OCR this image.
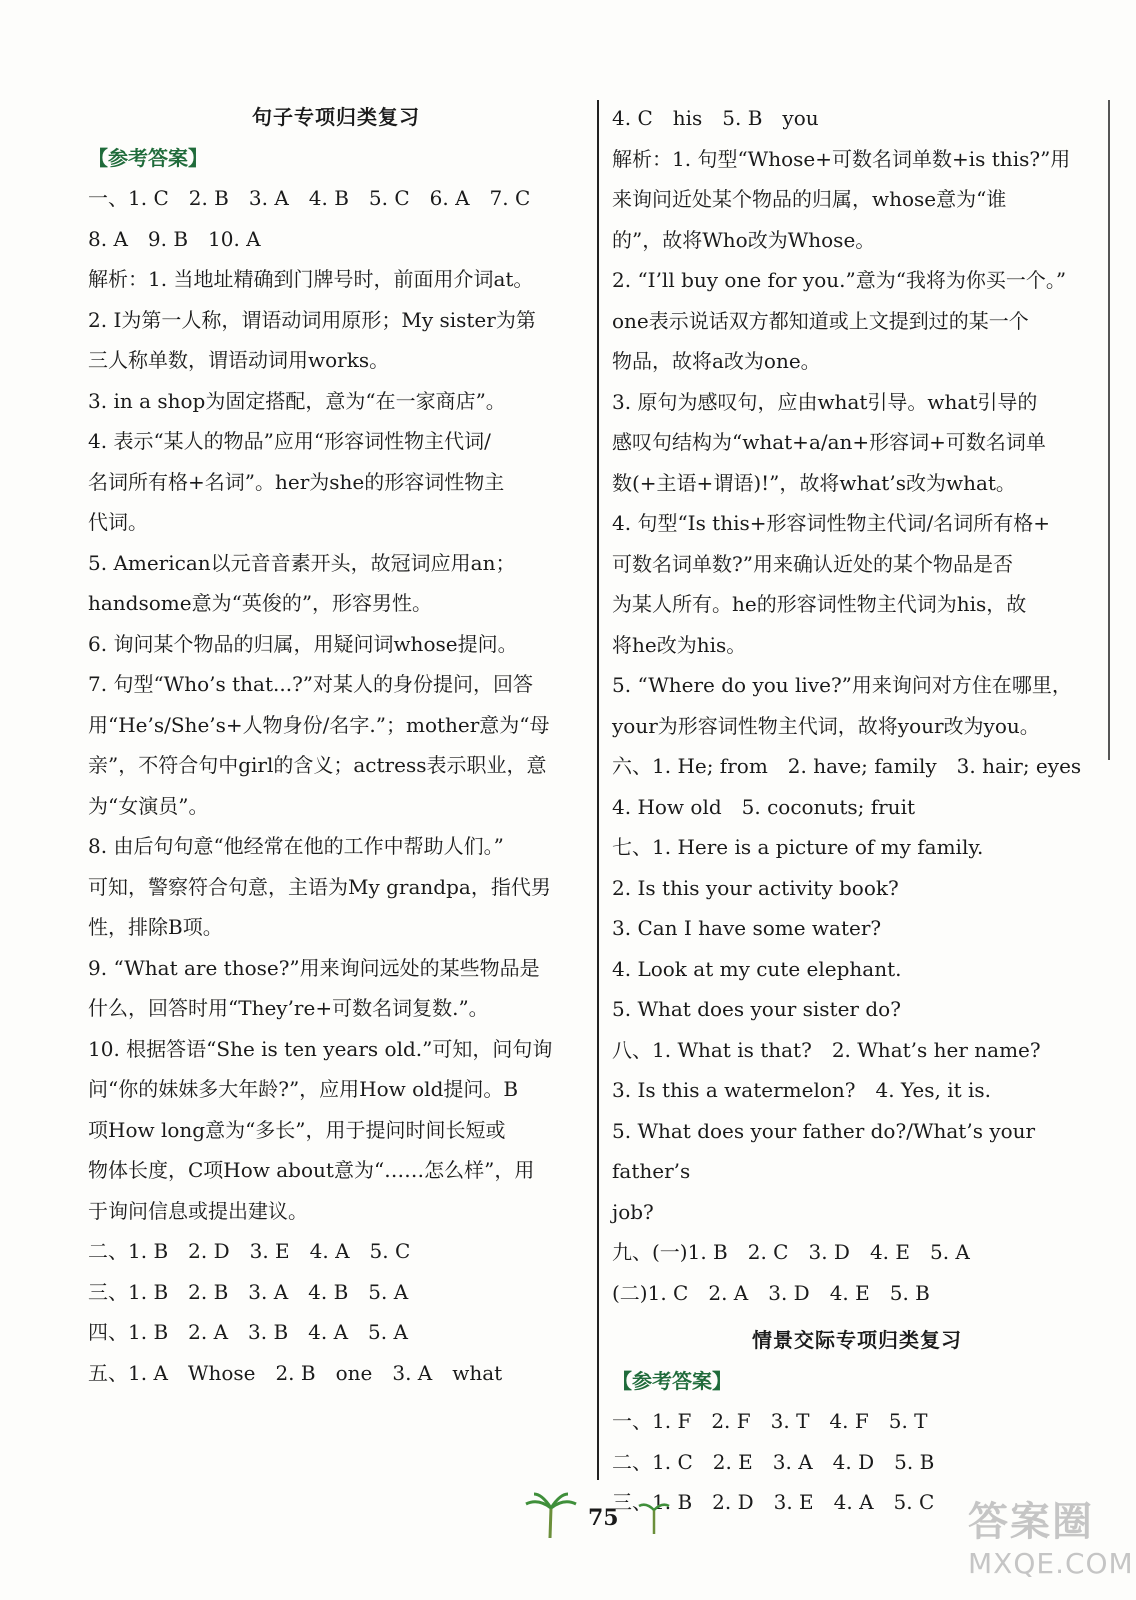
句子专项归类复习
【参考答案】

一、1. C　2. B　3. A　4. B　5. C　6. A　7. C

8. A　9. B　10. A

解析：1. 当地址精确到门牌号时，前面用介词at。

2. I为第一人称，谓语动词用原形；My sister为第

三人称单数，谓语动词用works。

3. in a shop为固定搭配，意为“在一家商店”。

4. 表示“某人的物品”应用“形容词性物主代词/

名词所有格+名词”。her为she的形容词性物主

代词。

5. American以元音音素开头，故冠词应用an；

handsome意为“英俊的”，形容男性。

6. 询问某个物品的归属，用疑问词whose提问。

7. 句型“Who’s that...?”对某人的身份提问，回答

用“He’s/She’s+人物身份/名字.”；mother意为“母

亲”，不符合句中girl的含义；actress表示职业，意

为“女演员”。

8. 由后句句意“他经常在他的工作中帮助人们。”

可知，警察符合句意，主语为My grandpa，指代男

性，排除B项。

9. “What are those?”用来询问远处的某些物品是

什么，回答时用“They’re+可数名词复数.”。

10. 根据答语“She is ten years old.”可知，问句询

问“你的妹妹多大年龄?”，应用How old提问。B

项How long意为“多长”，用于提问时间长短或

物体长度，C项How about意为“……怎么样”，用

于询问信息或提出建议。

二、1. B　2. D　3. E　4. A　5. C

三、1. B　2. B　3. A　4. B　5. A

四、1. B　2. A　3. B　4. A　5. A

五、1. A　Whose　2. B　one　3. A　what

4. C　his　5. B　you

解析：1. 句型“Whose+可数名词单数+is this?”用

来询问近处某个物品的归属，whose意为“谁

的”，故将Who改为Whose。

2. “I’ll buy one for you.”意为“我将为你买一个。”

one表示说话双方都知道或上文提到过的某一个

物品，故将a改为one。

3. 原句为感叹句，应由what引导。what引导的

感叹句结构为“what+a/an+形容词+可数名词单

数(+主语+谓语)!”，故将what’s改为what。

4. 句型“Is this+形容词性物主代词/名词所有格+

可数名词单数?”用来确认近处的某个物品是否

为某人所有。he的形容词性物主代词为his，故

将he改为his。

5. “Where do you live?”用来询问对方住在哪里，

your为形容词性物主代词，故将your改为you。

六、1. He; from　2. have; family　3. hair; eyes

4. How old　5. coconuts; fruit

七、1. Here is a picture of my family.

2. Is this your activity book?

3. Can I have some water?

4. Look at my cute elephant.

5. What does your sister do?

八、1. What is that?　2. What’s her name?

3. Is this a watermelon?　4. Yes, it is.

5. What does your father do?/What’s your father’s

job?

九、(一)1. B　2. C　3. D　4. E　5. A

(二)1. C　2. A　3. D　4. E　5. B

情景交际专项归类复习
【参考答案】

一、1. F　2. F　3. T　4. F　5. T

二、1. C　2. E　3. A　4. D　5. B

三、1. B　2. D　3. E　4. A　5. C

75	答案圈
MXQE.COM
